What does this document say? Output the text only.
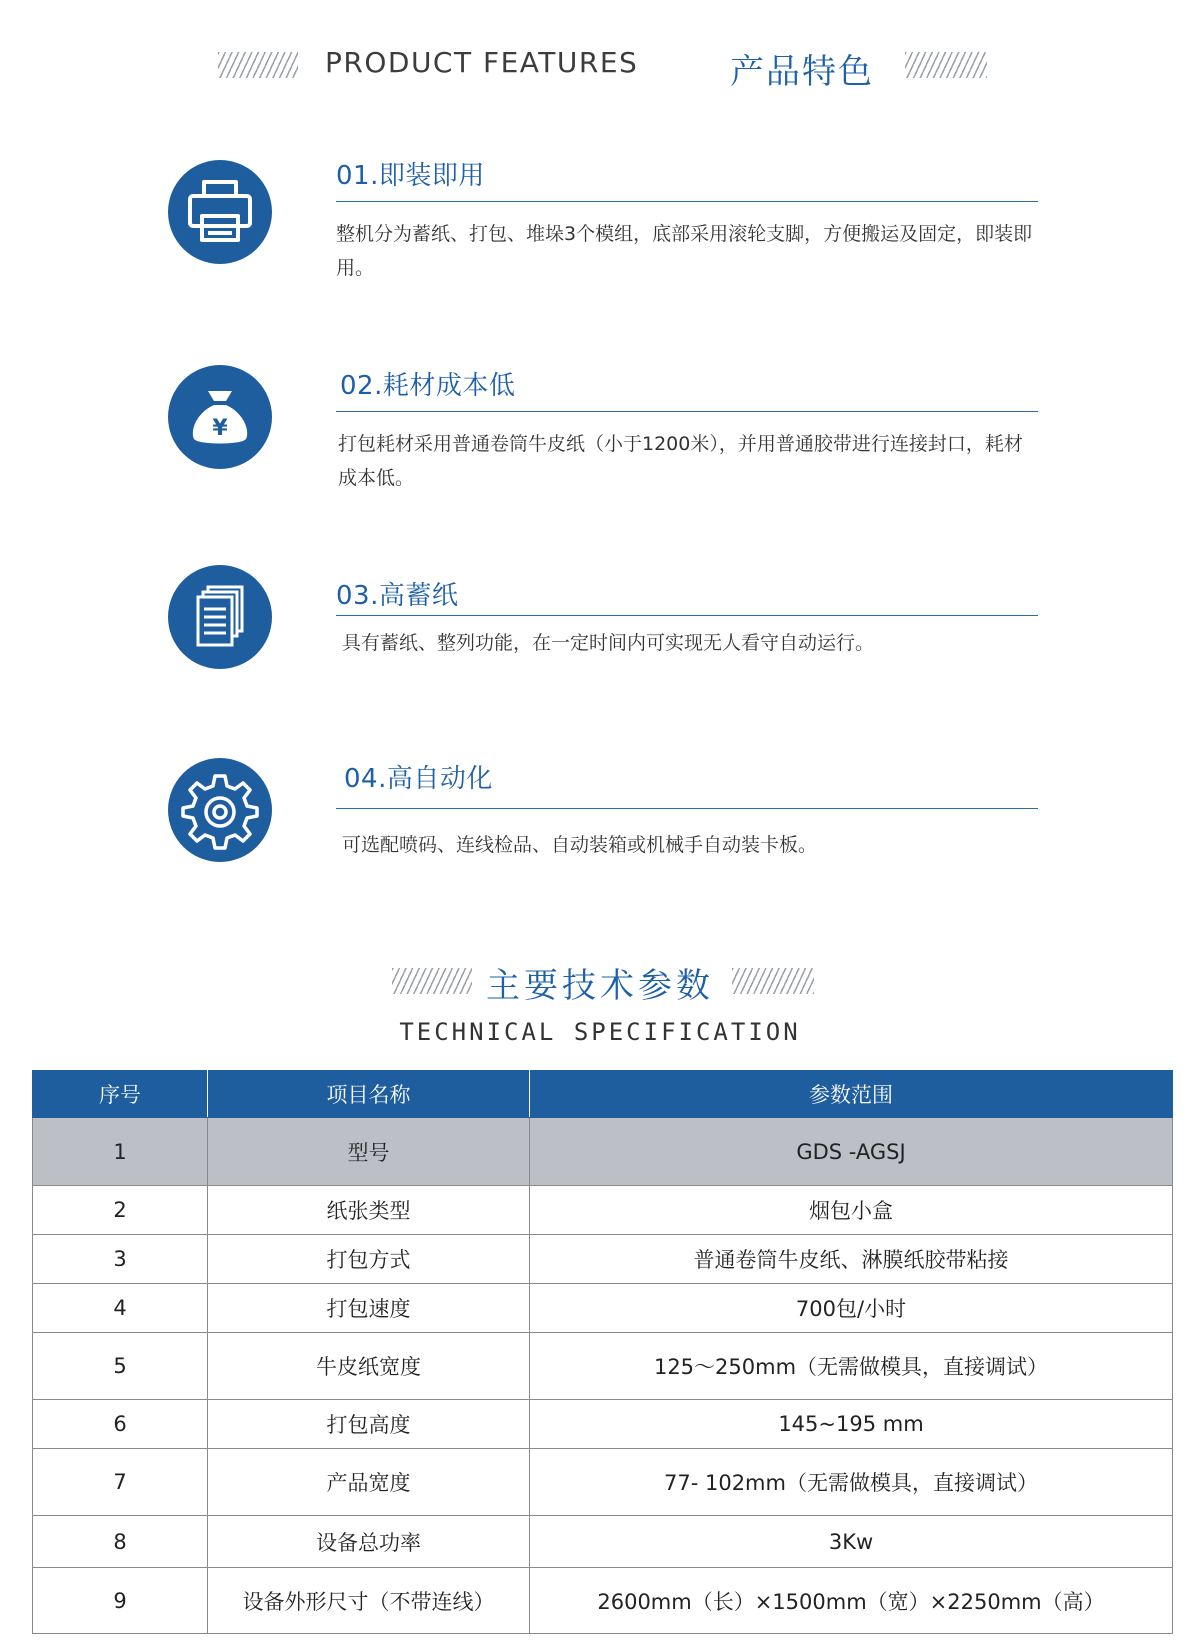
PRODUCT FEATURES	产品特色
01.即装即用
整机分为蓄纸、打包、堆垛3个模组，底部采用滚轮支脚，方便搬运及固定，即装即用。
¥
02.耗材成本低
打包耗材采用普通卷筒牛皮纸（小于1200米），并用普通胶带进行连接封口，耗材成本低。
03.高蓄纸
具有蓄纸、整列功能，在一定时间内可实现无人看守自动运行。
04.高自动化
可选配喷码、连线检品、自动装箱或机械手自动装卡板。
主要技术参数
TECHNICAL SPECIFICATION
序号	项目名称	参数范围
1	型号	GDS -AGSJ
2	纸张类型	烟包小盒
3	打包方式	普通卷筒牛皮纸、淋膜纸胶带粘接
4	打包速度	700包/小时
5	牛皮纸宽度	125～250mm（无需做模具，直接调试）
6	打包高度	145~195 mm
7	产品宽度	77- 102mm（无需做模具，直接调试）
8	设备总功率	3Kw
9	设备外形尺寸（不带连线）	2600mm（长）×1500mm（宽）×2250mm（高）
